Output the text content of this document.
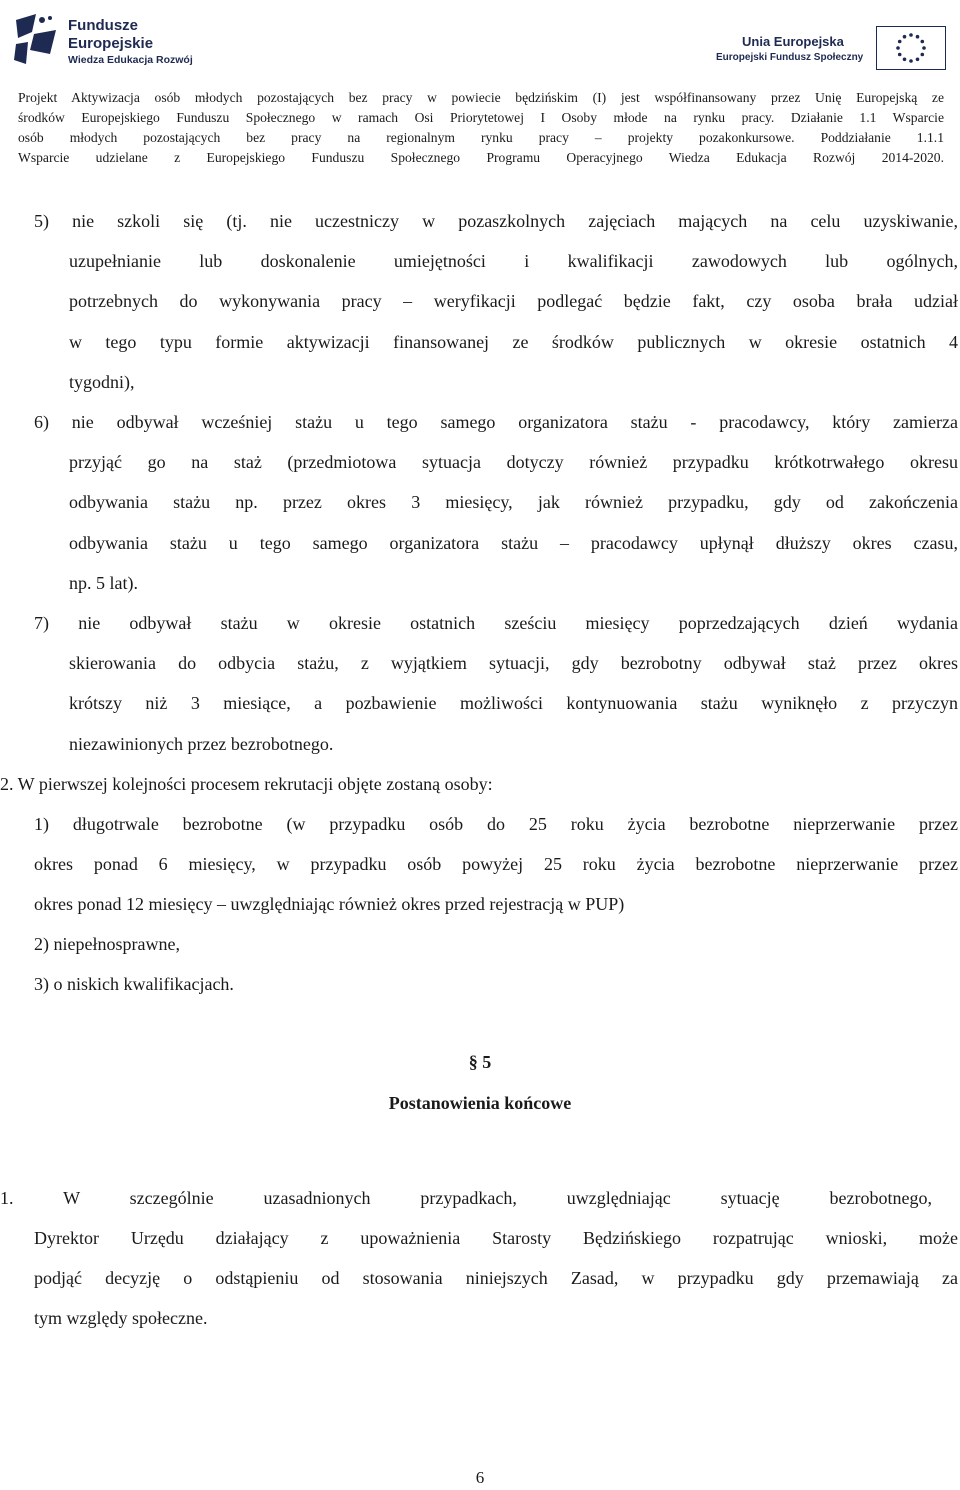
Fundusze
Europejskie
Wiedza Edukacja Rozwój
Unia Europejska
Europejski Fundusz Społeczny
Projekt Aktywizacja osób młodych pozostających bez pracy w powiecie będzińskim (I) jest współfinansowany przez Unię Europejską ze
środków Europejskiego Funduszu Społecznego w ramach Osi Priorytetowej I Osoby młode na rynku pracy. Działanie 1.1 Wsparcie
osób młodych pozostających bez pracy na regionalnym rynku pracy – projekty pozakonkursowe. Poddziałanie 1.1.1
Wsparcie udzielane z Europejskiego Funduszu Społecznego Programu Operacyjnego Wiedza Edukacja Rozwój 2014-2020.
5) nie szkoli się (tj. nie uczestniczy w pozaszkolnych zajęciach mających na celu uzyskiwanie,
uzupełnianie lub doskonalenie umiejętności i kwalifikacji zawodowych lub ogólnych,
potrzebnych do wykonywania pracy – weryfikacji podlegać będzie fakt, czy osoba brała udział
w tego typu formie aktywizacji finansowanej ze środków publicznych w okresie ostatnich 4
tygodni),
6) nie odbywał wcześniej stażu u tego samego organizatora stażu - pracodawcy, który zamierza
przyjąć go na staż (przedmiotowa sytuacja dotyczy również przypadku krótkotrwałego okresu
odbywania stażu np. przez okres 3 miesięcy, jak również przypadku, gdy od zakończenia
odbywania stażu u tego samego organizatora stażu – pracodawcy upłynął dłuższy okres czasu,
np. 5 lat).
7) nie odbywał stażu w okresie ostatnich sześciu miesięcy poprzedzających dzień wydania
skierowania do odbycia stażu, z wyjątkiem sytuacji, gdy bezrobotny odbywał staż przez okres
krótszy niż 3 miesiące, a pozbawienie możliwości kontynuowania stażu wyniknęło z przyczyn
niezawinionych przez bezrobotnego.
2. W pierwszej kolejności procesem rekrutacji objęte zostaną osoby:
1) długotrwale bezrobotne (w przypadku osób do 25 roku życia bezrobotne nieprzerwanie przez
okres ponad 6 miesięcy, w przypadku osób powyżej 25 roku życia bezrobotne nieprzerwanie przez
okres ponad 12 miesięcy – uwzględniając również okres przed rejestracją w PUP)
2) niepełnosprawne,
3) o niskich kwalifikacjach.
§ 5
Postanowienia końcowe
1. W szczególnie uzasadnionych przypadkach, uwzględniając sytuację bezrobotnego,
Dyrektor Urzędu działający z upoważnienia Starosty Będzińskiego rozpatrując wnioski, może
podjąć decyzję o odstąpieniu od stosowania niniejszych Zasad, w przypadku gdy przemawiają za
tym względy społeczne.
6
